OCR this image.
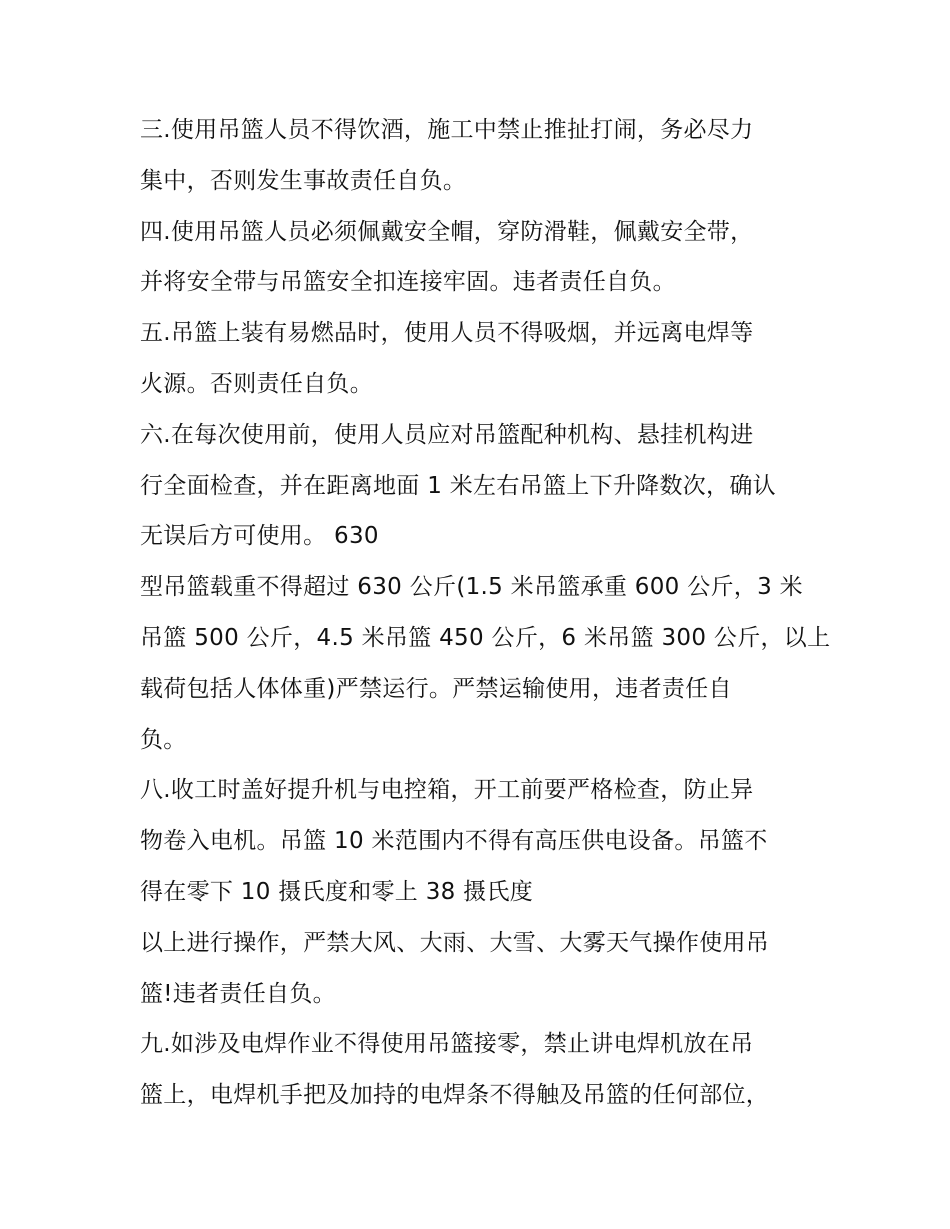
三.使用吊篮人员不得饮酒，施工中禁止推扯打闹，务必尽力
集中，否则发生事故责任自负。
四.使用吊篮人员必须佩戴安全帽，穿防滑鞋，佩戴安全带，
并将安全带与吊篮安全扣连接牢固。违者责任自负。
五.吊篮上装有易燃品时，使用人员不得吸烟，并远离电焊等
火源。否则责任自负。
六.在每次使用前，使用人员应对吊篮配种机构、悬挂机构进
行全面检查，并在距离地面 1 米左右吊篮上下升降数次，确认
无误后方可使用。 630
型吊篮载重不得超过 630 公斤(1.5 米吊篮承重 600 公斤，3 米
吊篮 500 公斤，4.5 米吊篮 450 公斤，6 米吊篮 300 公斤，以上
载荷包括人体体重)严禁运行。严禁运输使用，违者责任自
负。
八.收工时盖好提升机与电控箱，开工前要严格检查，防止异
物卷入电机。吊篮 10 米范围内不得有高压供电设备。吊篮不
得在零下 10 摄氏度和零上 38 摄氏度
以上进行操作，严禁大风、大雨、大雪、大雾天气操作使用吊
篮!违者责任自负。
九.如涉及电焊作业不得使用吊篮接零，禁止讲电焊机放在吊
篮上，电焊机手把及加持的电焊条不得触及吊篮的任何部位，
